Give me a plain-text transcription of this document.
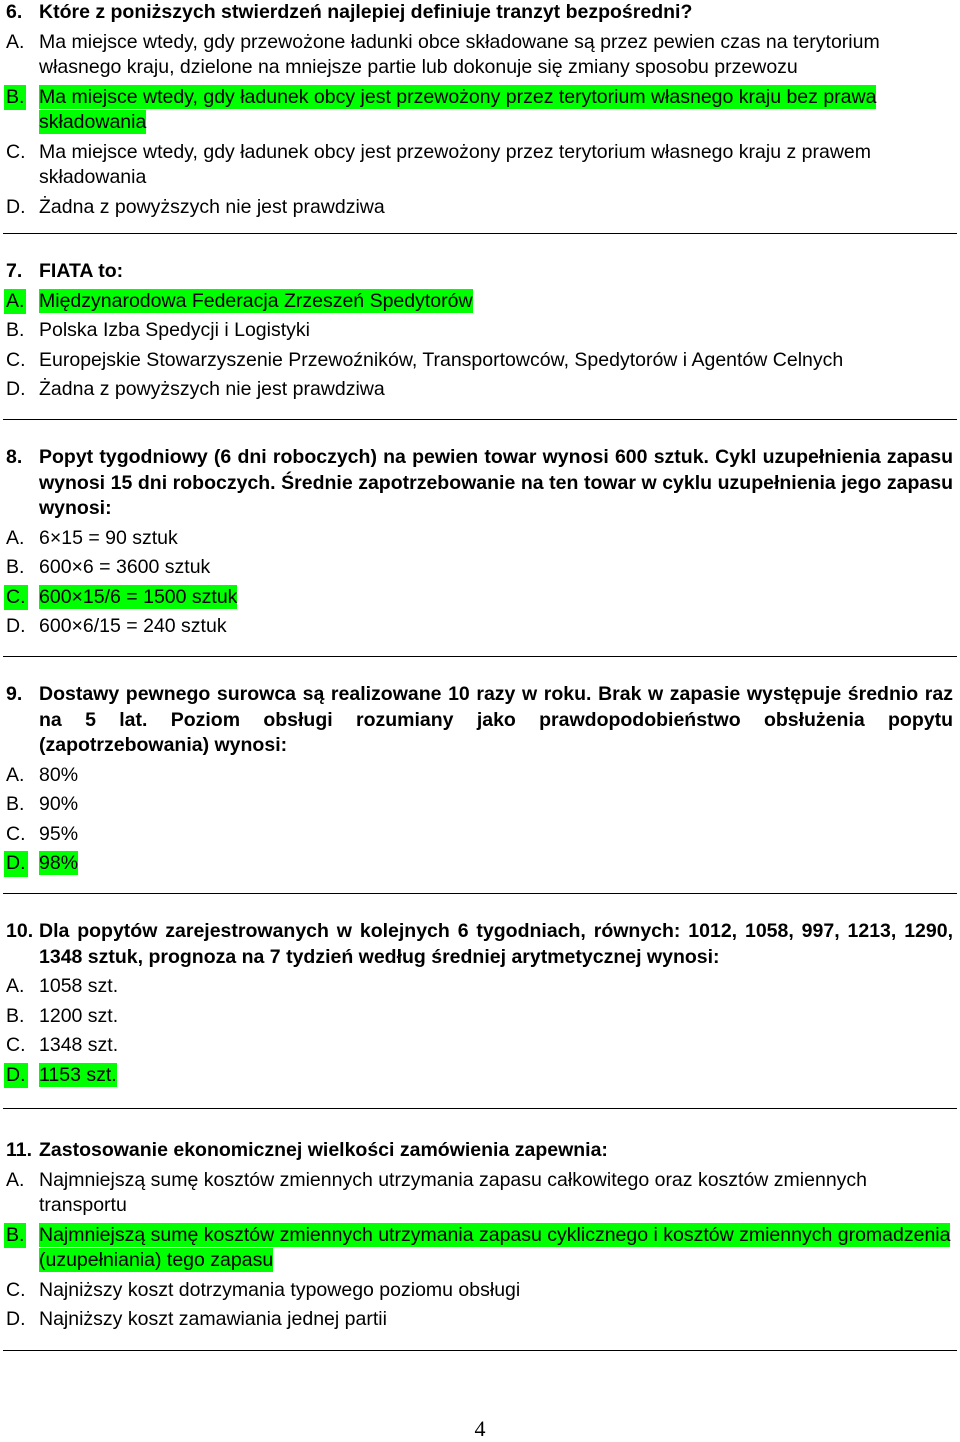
6. Które z poniższych stwierdzeń najlepiej definiuje tranzyt bezpośredni?
A. Ma miejsce wtedy, gdy przewożone ładunki obce składowane są przez pewien czas na terytorium własnego kraju, dzielone na mniejsze partie lub dokonuje się zmiany sposobu przewozu
B. Ma miejsce wtedy, gdy ładunek obcy jest przewożony przez terytorium własnego kraju bez prawa składowania
C. Ma miejsce wtedy, gdy ładunek obcy jest przewożony przez terytorium własnego kraju z prawem składowania
D. Żadna z powyższych nie jest prawdziwa
7. FIATA to:
A. Międzynarodowa Federacja Zrzeszeń Spedytorów
B. Polska Izba Spedycji i Logistyki
C. Europejskie Stowarzyszenie Przewoźników, Transportowców, Spedytorów i Agentów Celnych
D. Żadna z powyższych nie jest prawdziwa
8. Popyt tygodniowy (6 dni roboczych) na pewien towar wynosi 600 sztuk. Cykl uzupełnienia zapasu wynosi 15 dni roboczych. Średnie zapotrzebowanie na ten towar w cyklu uzupełnienia jego zapasu wynosi:
A. 6×15 = 90 sztuk
B. 600×6 = 3600 sztuk
C. 600×15/6 = 1500 sztuk
D. 600×6/15 = 240 sztuk
9. Dostawy pewnego surowca są realizowane 10 razy w roku. Brak w zapasie występuje średnio raz na 5 lat. Poziom obsługi rozumiany jako prawdopodobieństwo obsłużenia popytu (zapotrzebowania) wynosi:
A. 80%
B. 90%
C. 95%
D. 98%
10. Dla popytów zarejestrowanych w kolejnych 6 tygodniach, równych: 1012, 1058, 997, 1213, 1290, 1348 sztuk, prognoza na 7 tydzień według średniej arytmetycznej wynosi:
A. 1058 szt.
B. 1200 szt.
C. 1348 szt.
D. 1153 szt.
11. Zastosowanie ekonomicznej wielkości zamówienia zapewnia:
A. Najmniejszą sumę kosztów zmiennych utrzymania zapasu całkowitego oraz kosztów zmiennych transportu
B. Najmniejszą sumę kosztów zmiennych utrzymania zapasu cyklicznego i kosztów zmiennych gromadzenia (uzupełniania) tego zapasu
C. Najniższy koszt dotrzymania typowego poziomu obsługi
D. Najniższy koszt zamawiania jednej partii
4
